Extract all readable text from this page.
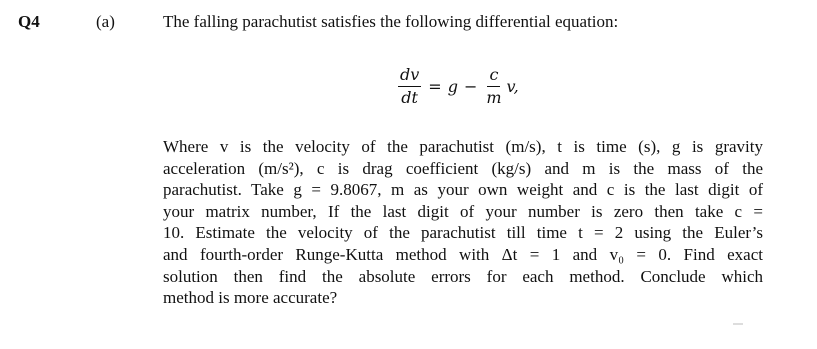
Q4	(a)	The falling parachutist satisfies the following differential equation:
$\frac{dv}{dt} = g - \frac{c}{m} v$,
Where v is the velocity of the parachutist (m/s), t is time (s), g is gravity
acceleration (m/s²), c is drag coefficient (kg/s) and m is the mass of the
parachutist. Take g = 9.8067, m as your own weight and c is the last digit of
your matrix number, If the last digit of your number is zero then take c =
10. Estimate the velocity of the parachutist till time t = 2 using the Euler’s
and fourth-order Runge-Kutta method with Δt = 1 and v₀ = 0. Find exact
solution then find the absolute errors for each method. Conclude which
method is more accurate?
